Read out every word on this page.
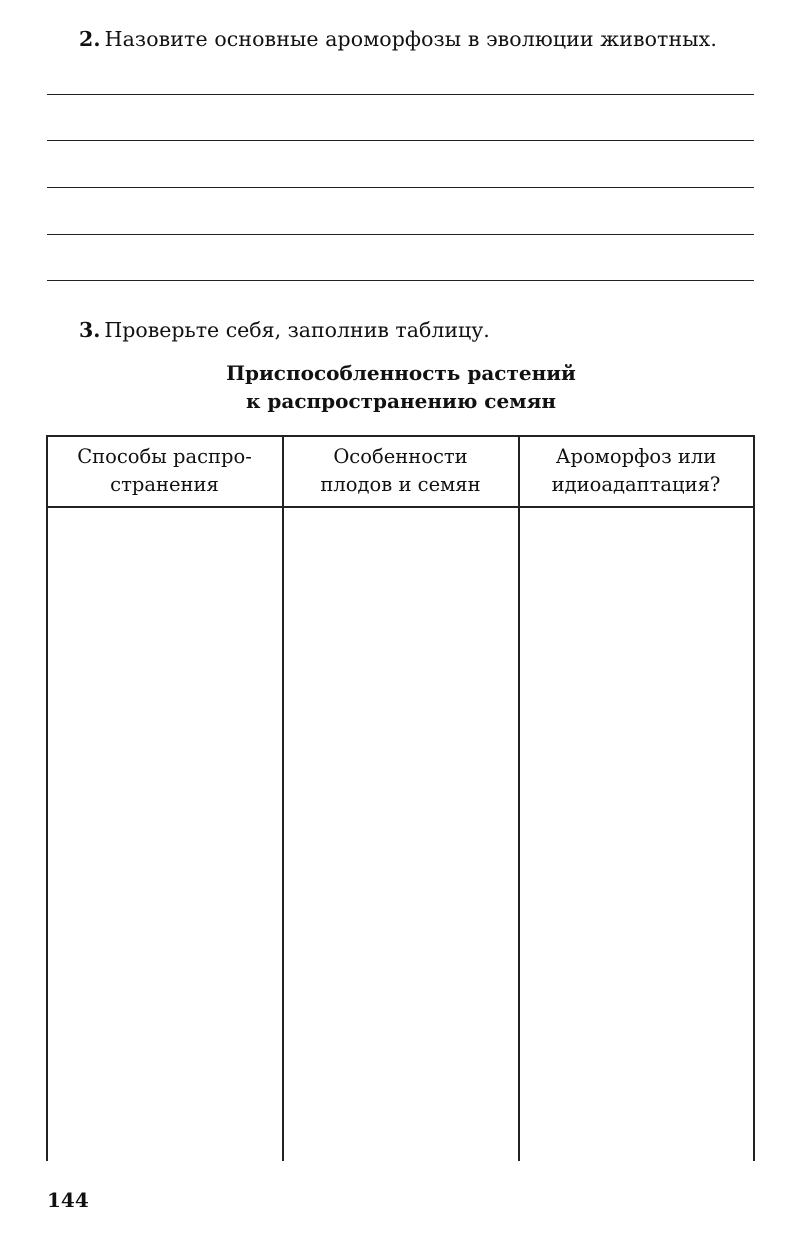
2. Назовите основные ароморфозы в эволюции животных.
3. Проверьте себя, заполнив таблицу.
Приспособленность растений
к распространению семян
Способы распро-
странения
Особенности
плодов и семян
Ароморфоз или
идиоадаптация?
144
